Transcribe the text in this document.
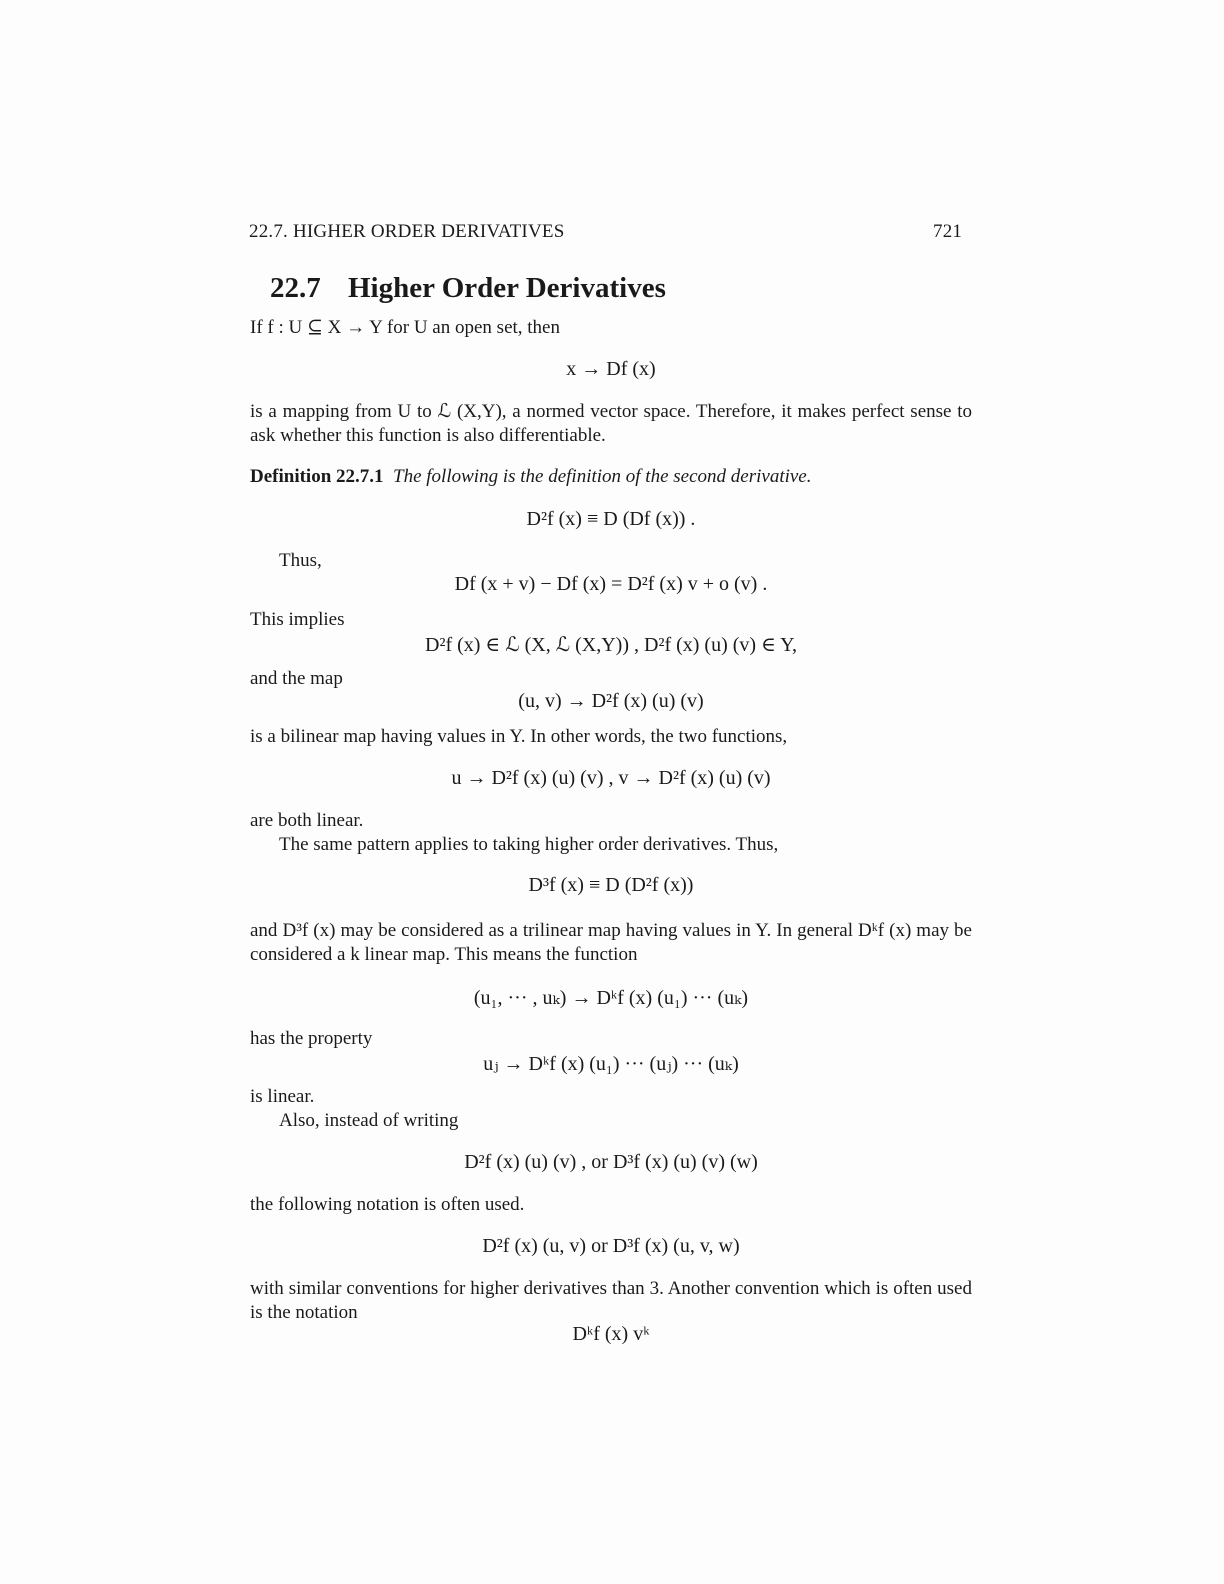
22.7. HIGHER ORDER DERIVATIVES	721
22.7 Higher Order Derivatives
If f : U ⊆ X → Y for U an open set, then
x → Df (x)
is a mapping from U to ℒ (X,Y), a normed vector space. Therefore, it makes perfect sense to ask whether this function is also differentiable.
Definition 22.7.1 The following is the definition of the second derivative.
D²f (x) ≡ D (Df (x)) .
Thus,
Df (x + v) − Df (x) = D²f (x) v + o (v) .
This implies
D²f (x) ∈ ℒ (X, ℒ (X,Y)) , D²f (x) (u) (v) ∈ Y,
and the map
(u, v) → D²f (x) (u) (v)
is a bilinear map having values in Y. In other words, the two functions,
u → D²f (x) (u) (v) , v → D²f (x) (u) (v)
are both linear.
The same pattern applies to taking higher order derivatives. Thus,
D³f (x) ≡ D (D²f (x))
and D³f (x) may be considered as a trilinear map having values in Y. In general Dᵏf (x) may be considered a k linear map. This means the function
(u₁, ··· , uₖ) → Dᵏf (x) (u₁) ··· (uₖ)
has the property
uⱼ → Dᵏf (x) (u₁) ··· (uⱼ) ··· (uₖ)
is linear.
Also, instead of writing
D²f (x) (u) (v) , or D³f (x) (u) (v) (w)
the following notation is often used.
D²f (x) (u, v) or D³f (x) (u, v, w)
with similar conventions for higher derivatives than 3. Another convention which is often used is the notation
Dᵏf (x) vᵏ
